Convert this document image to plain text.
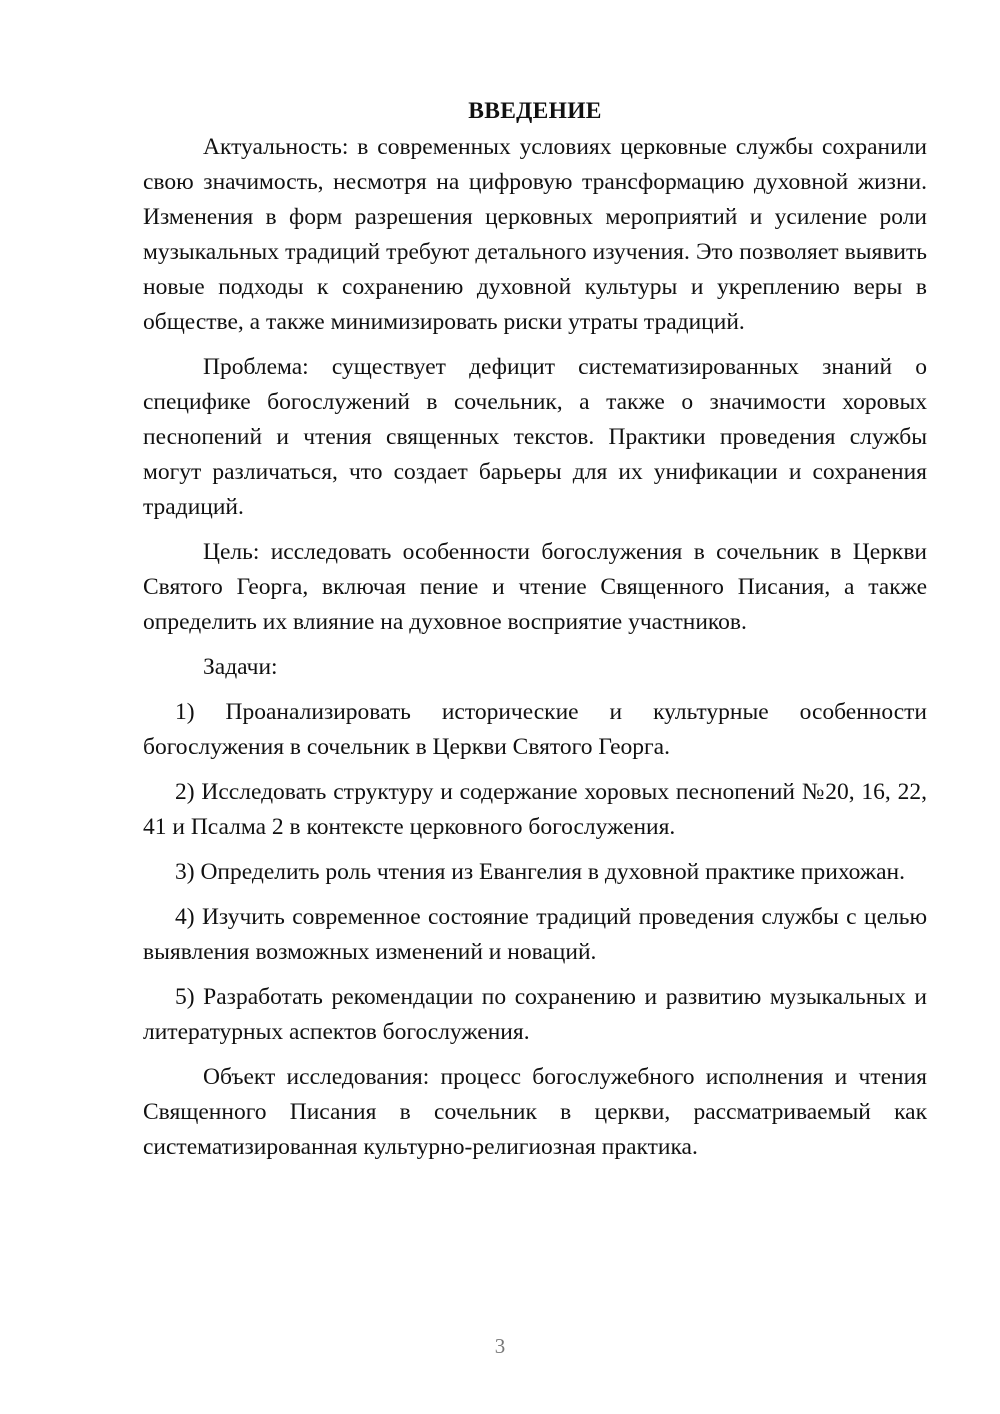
ВВЕДЕНИЕ

Актуальность: в современных условиях церковные службы сохранили свою значимость, несмотря на цифровую трансформацию духовной жизни. Изменения в форм разрешения церковных мероприятий и усиление роли музыкальных традиций требуют детального изучения. Это позволяет выявить новые подходы к сохранению духовной культуры и укреплению веры в обществе, а также минимизировать риски утраты традиций.

Проблема: существует дефицит систематизированных знаний о специфике богослужений в сочельник, а также о значимости хоровых песнопений и чтения священных текстов. Практики проведения службы могут различаться, что создает барьеры для их унификации и сохранения традиций.

Цель: исследовать особенности богослужения в сочельник в Церкви Святого Георга, включая пение и чтение Священного Писания, а также определить их влияние на духовное восприятие участников.

Задачи:

1) Проанализировать исторические и культурные особенности богослужения в сочельник в Церкви Святого Георга.

2) Исследовать структуру и содержание хоровых песнопений №20, 16, 22, 41 и Псалма 2 в контексте церковного богослужения.

3) Определить роль чтения из Евангелия в духовной практике прихожан.

4) Изучить современное состояние традиций проведения службы с целью выявления возможных изменений и новаций.

5) Разработать рекомендации по сохранению и развитию музыкальных и литературных аспектов богослужения.

Объект исследования: процесс богослужебного исполнения и чтения Священного Писания в сочельник в церкви, рассматриваемый как систематизированная культурно-религиозная практика.

3
